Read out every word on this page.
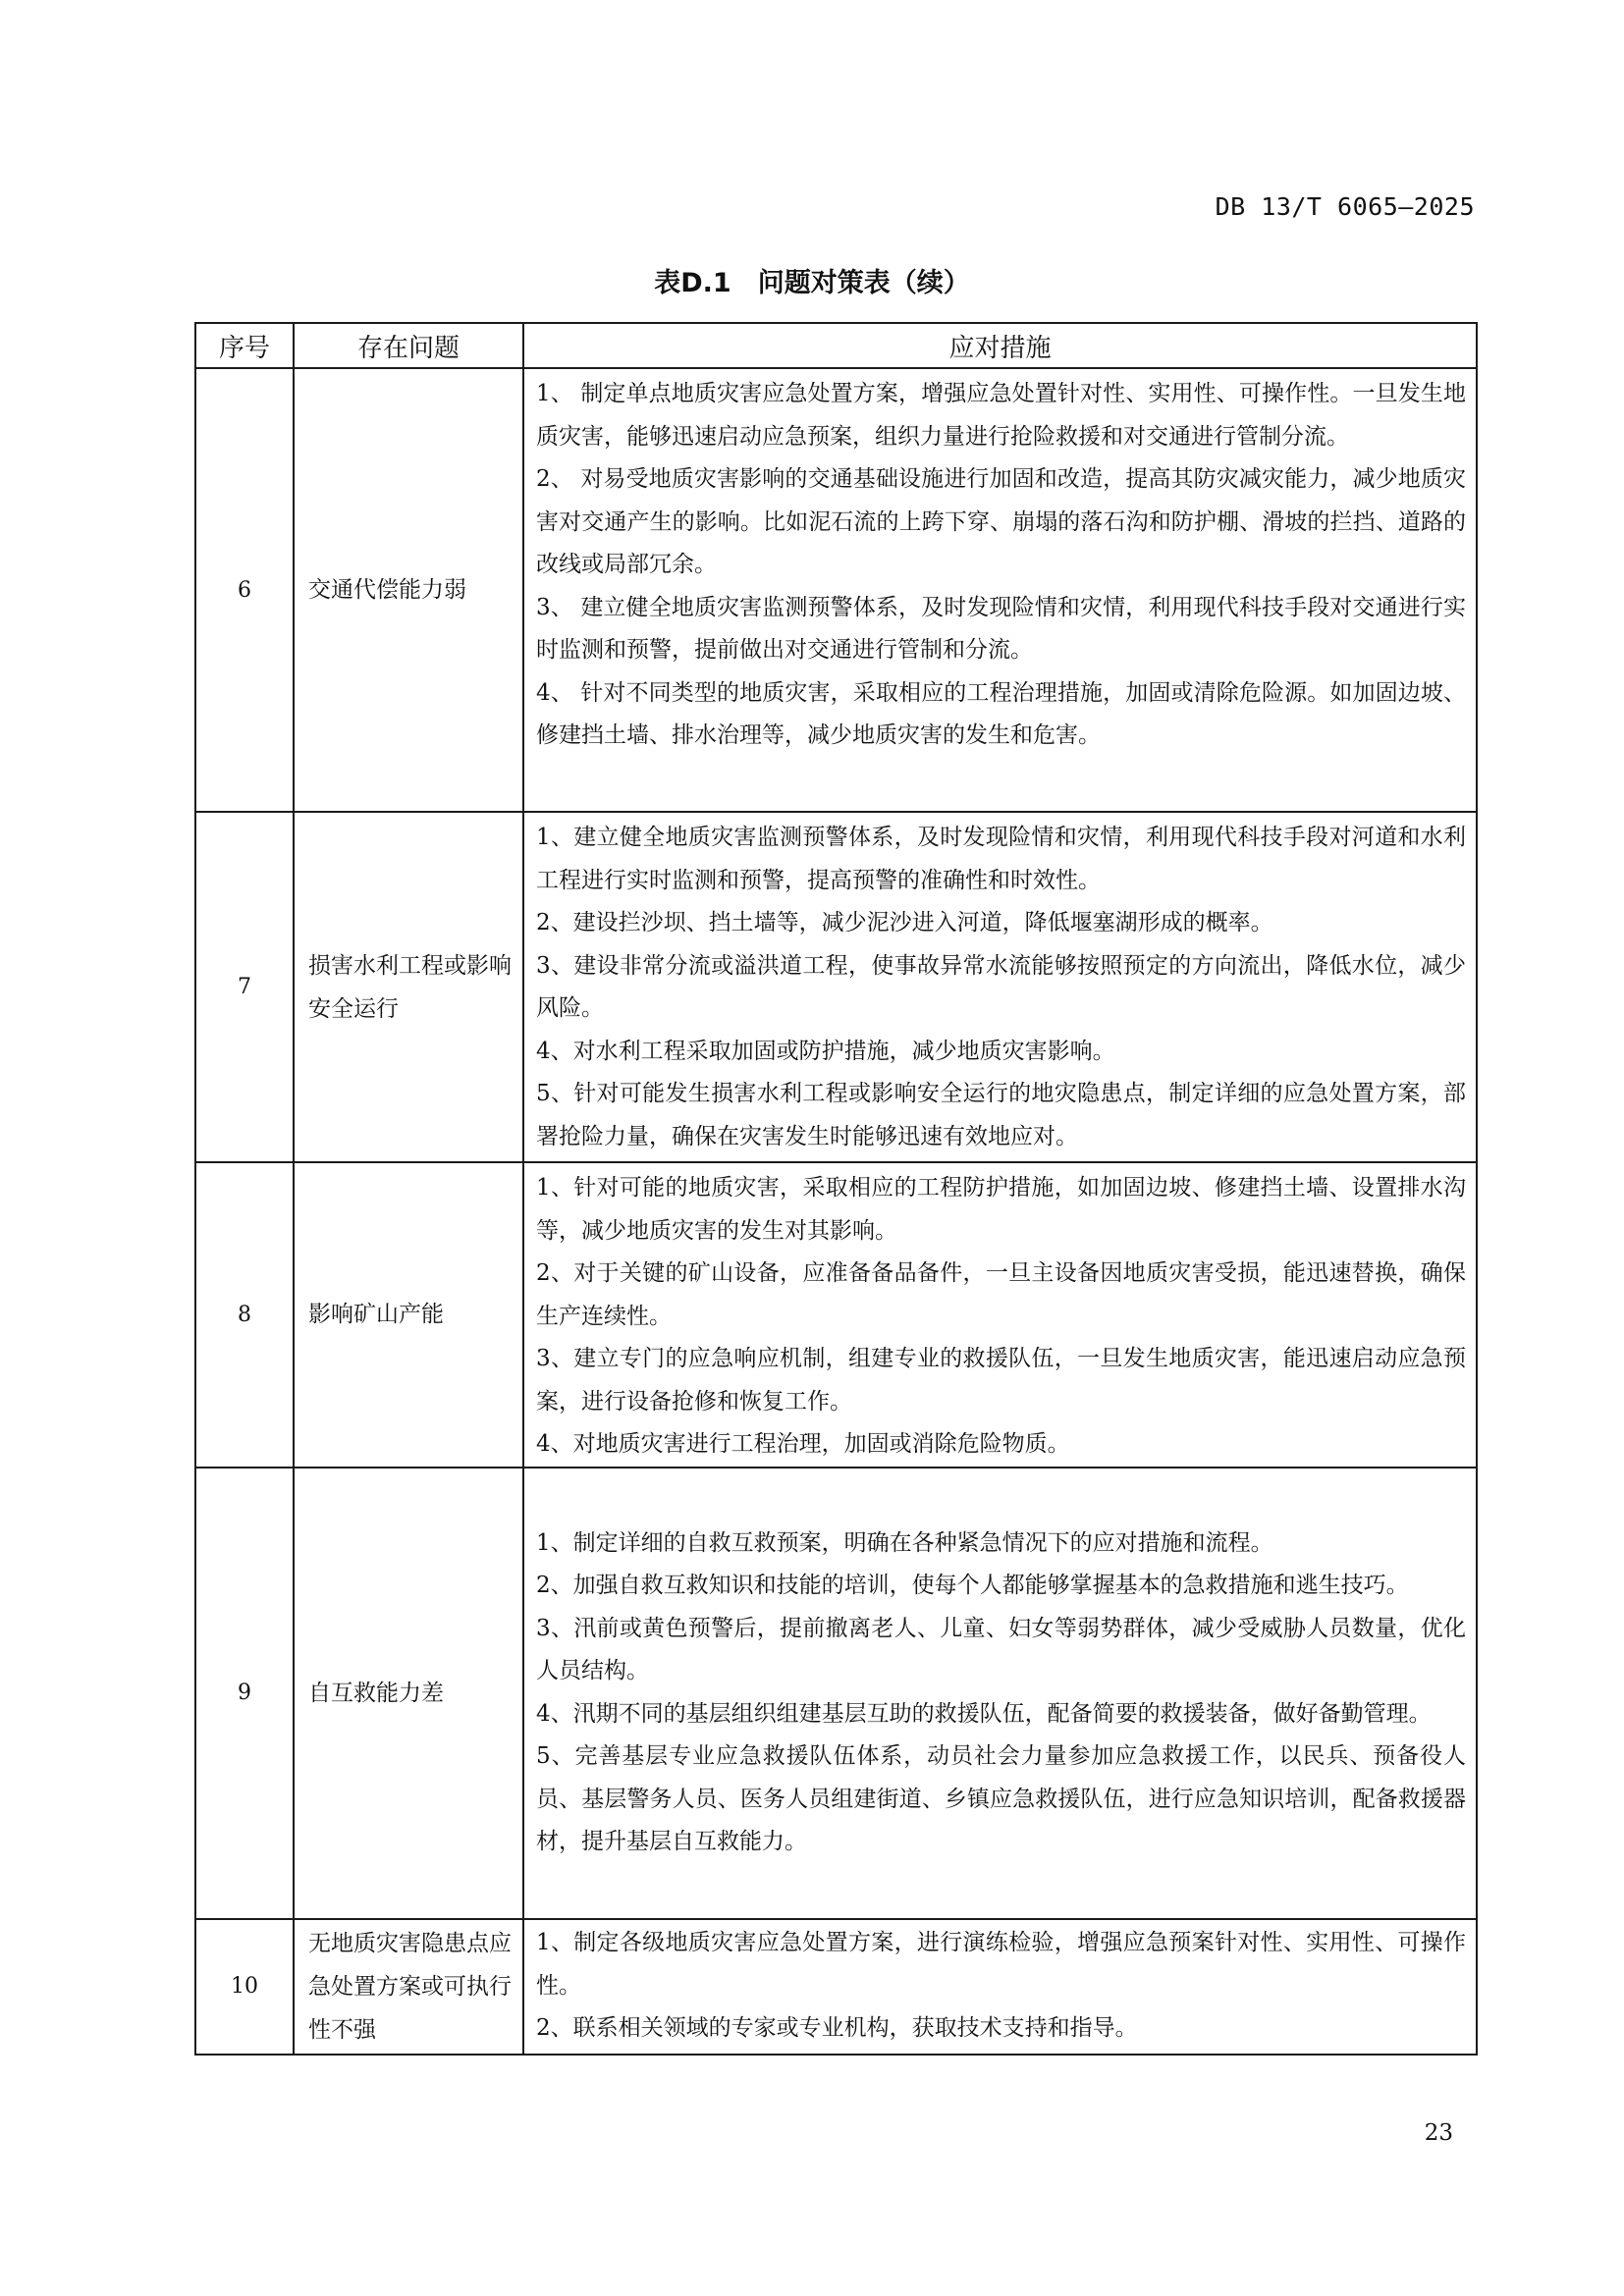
DB 13/T 6065—2025
表D.1　问题对策表（续）
序号	存在问题	应对措施
6	交通代偿能力弱	1、 制定单点地质灾害应急处置方案，增强应急处置针对性、实用性、可操作性。一旦发生地质灾害，能够迅速启动应急预案，组织力量进行抢险救援和对交通进行管制分流。

2、 对易受地质灾害影响的交通基础设施进行加固和改造，提高其防灾减灾能力，减少地质灾害对交通产生的影响。比如泥石流的上跨下穿、崩塌的落石沟和防护棚、滑坡的拦挡、道路的改线或局部冗余。

3、 建立健全地质灾害监测预警体系，及时发现险情和灾情，利用现代科技手段对交通进行实时监测和预警，提前做出对交通进行管制和分流。

4、 针对不同类型的地质灾害，采取相应的工程治理措施，加固或清除危险源。如加固边坡、修建挡土墙、排水治理等，减少地质灾害的发生和危害。

7	损害水利工程或影响安全运行	1、建立健全地质灾害监测预警体系，及时发现险情和灾情，利用现代科技手段对河道和水利工程进行实时监测和预警，提高预警的准确性和时效性。

2、建设拦沙坝、挡土墙等，减少泥沙进入河道，降低堰塞湖形成的概率。

3、建设非常分流或溢洪道工程，使事故异常水流能够按照预定的方向流出，降低水位，减少风险。

4、对水利工程采取加固或防护措施，减少地质灾害影响。

5、针对可能发生损害水利工程或影响安全运行的地灾隐患点，制定详细的应急处置方案，部署抢险力量，确保在灾害发生时能够迅速有效地应对。

8	影响矿山产能	1、针对可能的地质灾害，采取相应的工程防护措施，如加固边坡、修建挡土墙、设置排水沟等，减少地质灾害的发生对其影响。

2、对于关键的矿山设备，应准备备品备件，一旦主设备因地质灾害受损，能迅速替换，确保生产连续性。

3、建立专门的应急响应机制，组建专业的救援队伍，一旦发生地质灾害，能迅速启动应急预案，进行设备抢修和恢复工作。

4、对地质灾害进行工程治理，加固或消除危险物质。

9	自互救能力差	1、制定详细的自救互救预案，明确在各种紧急情况下的应对措施和流程。

2、加强自救互救知识和技能的培训，使每个人都能够掌握基本的急救措施和逃生技巧。

3、汛前或黄色预警后，提前撤离老人、儿童、妇女等弱势群体，减少受威胁人员数量，优化人员结构。

4、汛期不同的基层组织组建基层互助的救援队伍，配备简要的救援装备，做好备勤管理。

5、完善基层专业应急救援队伍体系，动员社会力量参加应急救援工作，以民兵、预备役人员、基层警务人员、医务人员组建街道、乡镇应急救援队伍，进行应急知识培训，配备救援器材，提升基层自互救能力。

10	无地质灾害隐患点应急处置方案或可执行性不强	1、制定各级地质灾害应急处置方案，进行演练检验，增强应急预案针对性、实用性、可操作性。

2、联系相关领域的专家或专业机构，获取技术支持和指导。

23
